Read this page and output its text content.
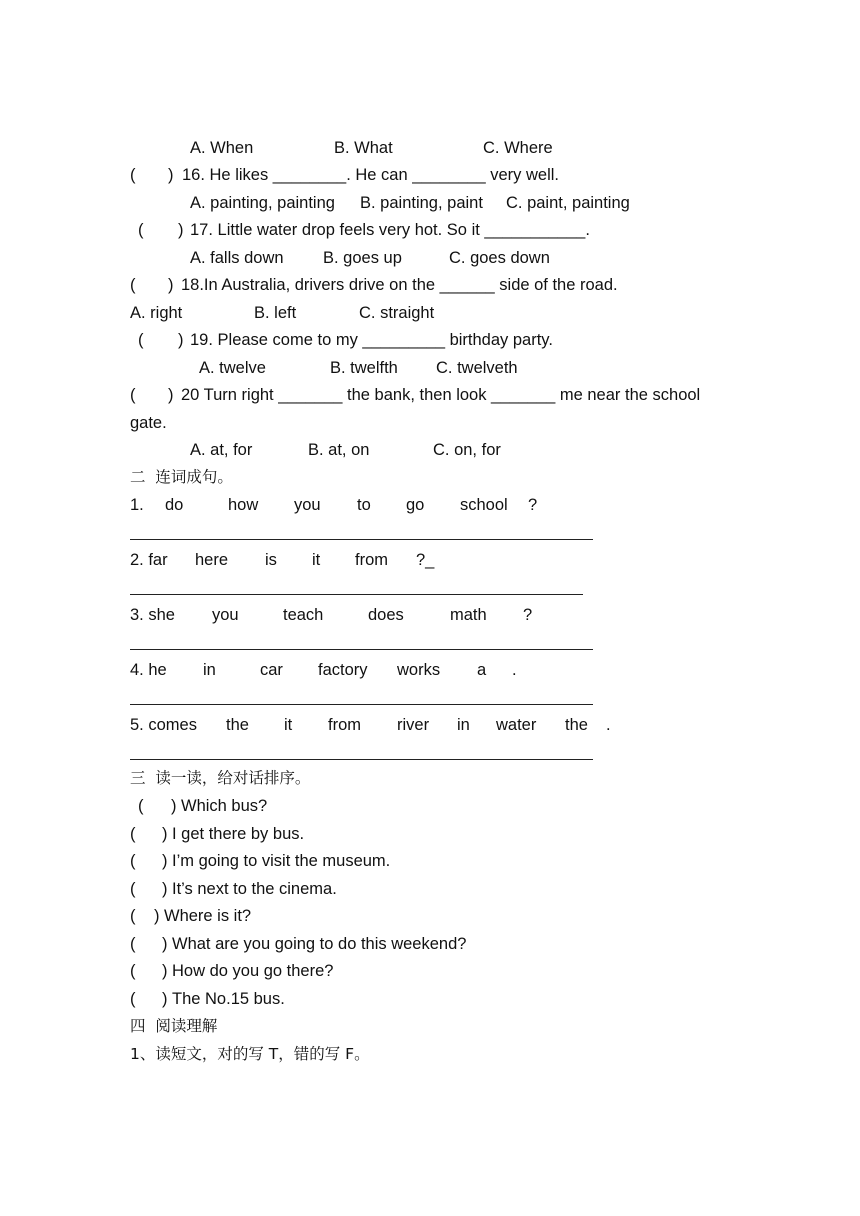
A. When	B. What	C. Where
( ) 16. He likes ________. He can ________ very well.
A. painting, painting B. painting, paint C. paint, painting
( ) 17. Little water drop feels very hot. So it ___________.
A. falls down B. goes up	C. goes down
( ) 18.In Australia, drivers drive on the ______ side of the road.
A. right	B. left	C. straight
( ) 19. Please come to my _________ birthday party.
A. twelve	B. twelfth C. twelveth
( ) 20 Turn right _______ the bank, then look _______ me near the school
gate.
A. at, for	B. at, on	C. on, for
二  连词成句。
1. do	how you to go school ?
2. far here is it from ?_
3. she you	teach	does	math ?
4. he in	car factory works a .
5. comes the it from river in water the .
三  读一读，给对话排序。
( ) Which bus?
( ) I get there by bus.
( ) I’m going to visit the museum.
( ) It’s next to the cinema.
( ) Where is it?
( ) What are you going to do this weekend?
( ) How do you go there?
( ) The No.15 bus.
四  阅读理解
1、读短文，对的写 T，错的写 F。
